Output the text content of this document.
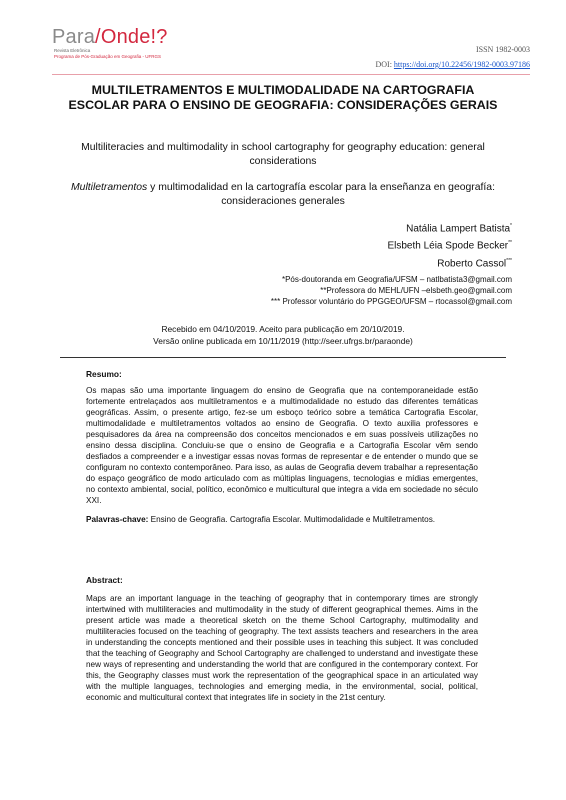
Para/Onde!?
Revista Eletrônica
Programa de Pós-Graduação em Geografia - UFRGS
ISSN 1982-0003
DOI: https://doi.org/10.22456/1982-0003.97186
MULTILETRAMENTOS E MULTIMODALIDADE NA CARTOGRAFIA ESCOLAR PARA O ENSINO DE GEOGRAFIA: CONSIDERAÇÕES GERAIS
Multiliteracies and multimodality in school cartography for geography education: general considerations
Multiletramentos y multimodalidad en la cartografía escolar para la enseñanza en geografía: consideraciones generales
Natália Lampert Batista*
Elsbeth Léia Spode Becker**
Roberto Cassol***
*Pós-doutoranda em Geografia/UFSM – natlbatista3@gmail.com
**Professora do MEHL/UFN –elsbeth.geo@gmail.com
*** Professor voluntário do PPGGEO/UFSM – rtocassol@gmail.com
Recebido em 04/10/2019. Aceito para publicação em 20/10/2019.
Versão online publicada em 10/11/2019 (http://seer.ufrgs.br/paraonde)
Resumo:

Os mapas são uma importante linguagem do ensino de Geografia que na contemporaneidade estão fortemente entrelaçados aos multiletramentos e a multimodalidade no estudo das diferentes temáticas geográficas. Assim, o presente artigo, fez-se um esboço teórico sobre a temática Cartografia Escolar, multimodalidade e multiletramentos voltados ao ensino de Geografia. O texto auxilia professores e pesquisadores da área na compreensão dos conceitos mencionados e em suas possíveis utilizações no ensino dessa disciplina. Concluiu-se que o ensino de Geografia e a Cartografia Escolar vêm sendo desfiados a compreender e a investigar essas novas formas de representar e de entender o mundo que se configuram no contexto contemporâneo. Para isso, as aulas de Geografia devem trabalhar a representação do espaço geográfico de modo articulado com as múltiplas linguagens, tecnologias e mídias emergentes, no contexto ambiental, social, político, econômico e multicultural que integra a vida em sociedade no século XXI.

Palavras-chave: Ensino de Geografia. Cartografia Escolar. Multimodalidade e Multiletramentos.
Abstract:

Maps are an important language in the teaching of geography that in contemporary times are strongly intertwined with multiliteracies and multimodality in the study of different geographical themes. Aims in the present article was made a theoretical sketch on the theme School Cartography, multimodality and multiliteracies focused on the teaching of geography. The text assists teachers and researchers in the area in understanding the concepts mentioned and their possible uses in teaching this subject. It was concluded that the teaching of Geography and School Cartography are challenged to understand and investigate these new ways of representing and understanding the world that are configured in the contemporary context. For this, the Geography classes must work the representation of the geographical space in an articulated way with the multiple languages, technologies and emerging media, in the environmental, social, political, economic and multicultural context that integrates life in society in the 21st century.
